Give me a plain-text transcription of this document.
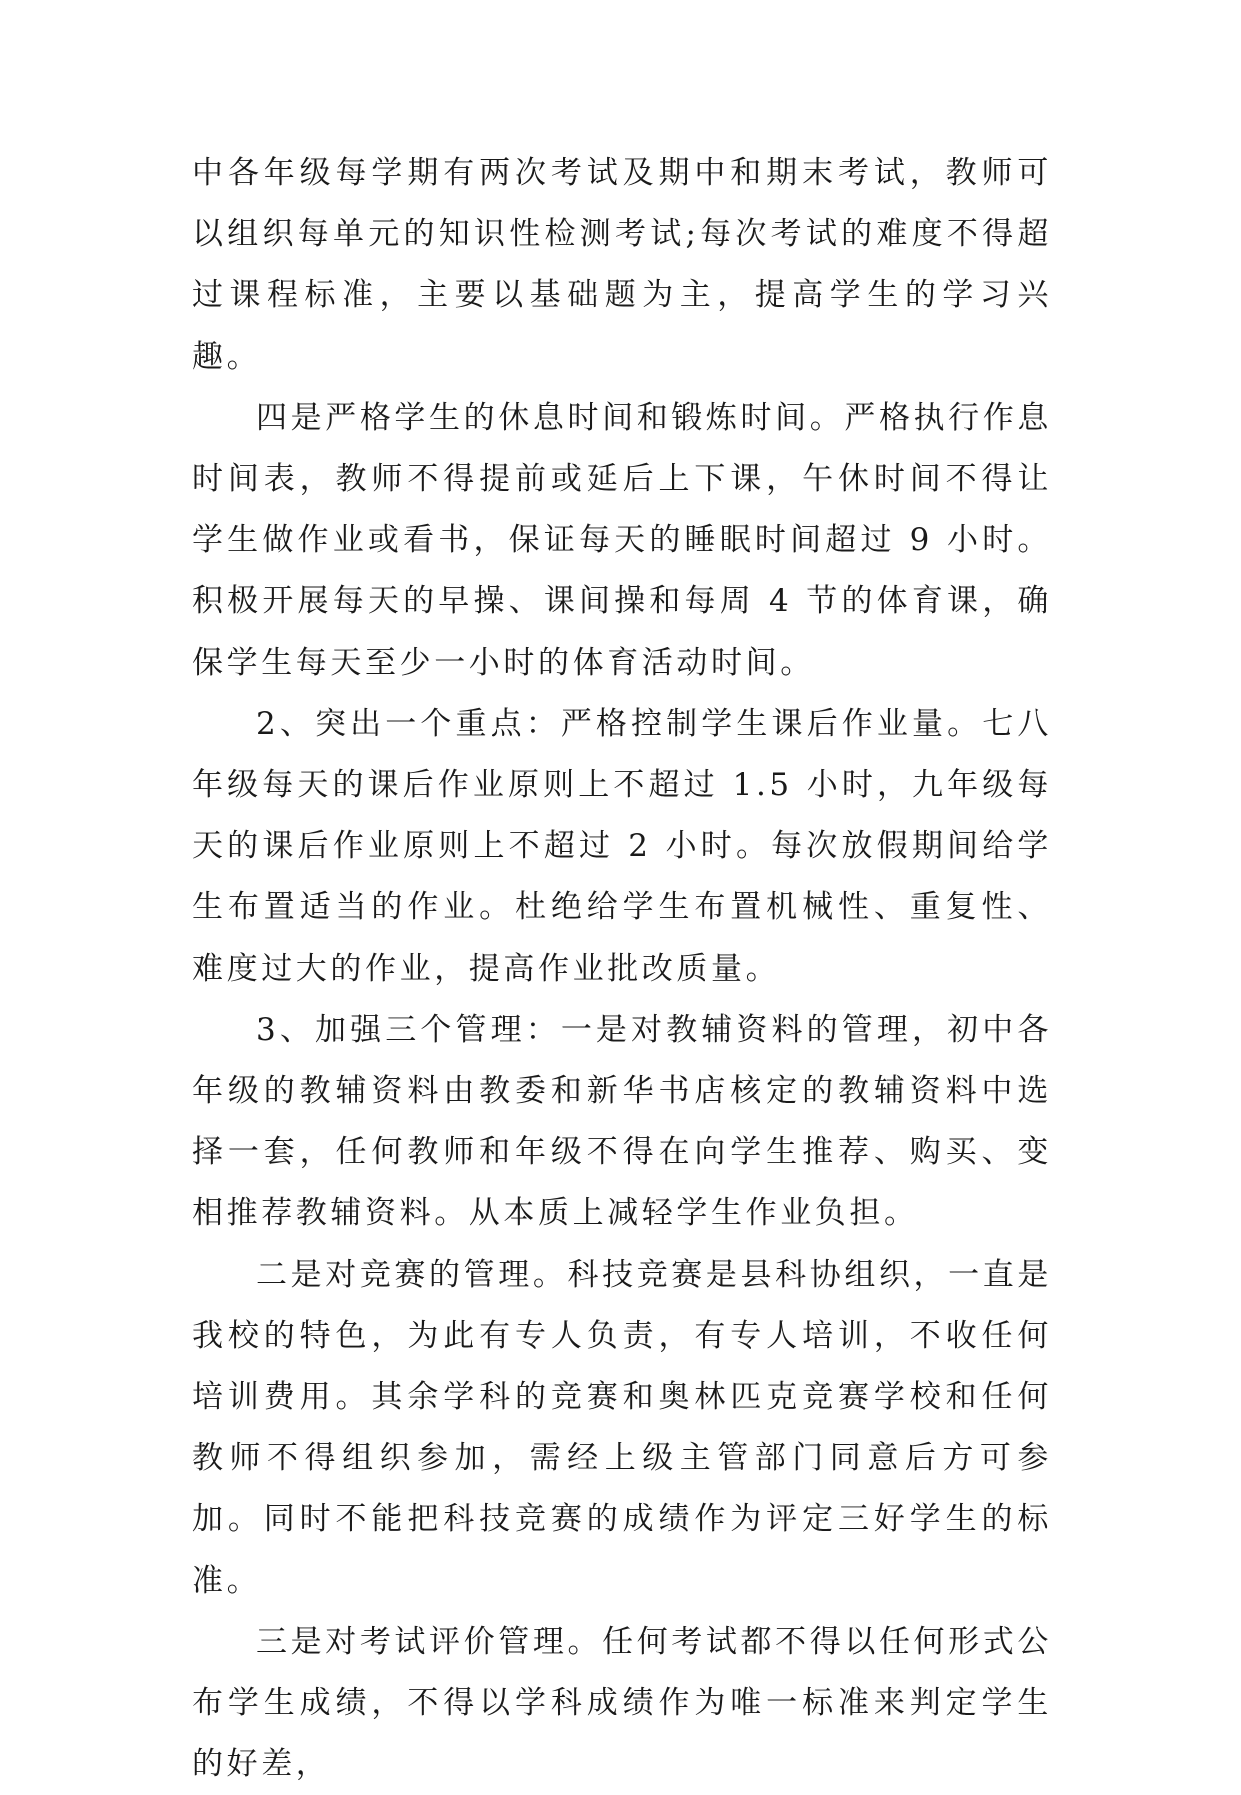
中各年级每学期有两次考试及期中和期末考试，教师可以组织每单元的知识性检测考试;每次考试的难度不得超过课程标准，主要以基础题为主，提高学生的学习兴趣。

四是严格学生的休息时间和锻炼时间。严格执行作息时间表，教师不得提前或延后上下课，午休时间不得让学生做作业或看书，保证每天的睡眠时间超过 9 小时。积极开展每天的早操、课间操和每周 4 节的体育课，确保学生每天至少一小时的体育活动时间。

2、突出一个重点：严格控制学生课后作业量。七八年级每天的课后作业原则上不超过 1.5 小时，九年级每天的课后作业原则上不超过 2 小时。每次放假期间给学生布置适当的作业。杜绝给学生布置机械性、重复性、难度过大的作业，提高作业批改质量。

3、加强三个管理：一是对教辅资料的管理，初中各年级的教辅资料由教委和新华书店核定的教辅资料中选择一套，任何教师和年级不得在向学生推荐、购买、变相推荐教辅资料。从本质上减轻学生作业负担。

二是对竞赛的管理。科技竞赛是县科协组织，一直是我校的特色，为此有专人负责，有专人培训，不收任何培训费用。其余学科的竞赛和奥林匹克竞赛学校和任何教师不得组织参加，需经上级主管部门同意后方可参加。同时不能把科技竞赛的成绩作为评定三好学生的标准。

三是对考试评价管理。任何考试都不得以任何形式公布学生成绩，不得以学科成绩作为唯一标准来判定学生的好差，
